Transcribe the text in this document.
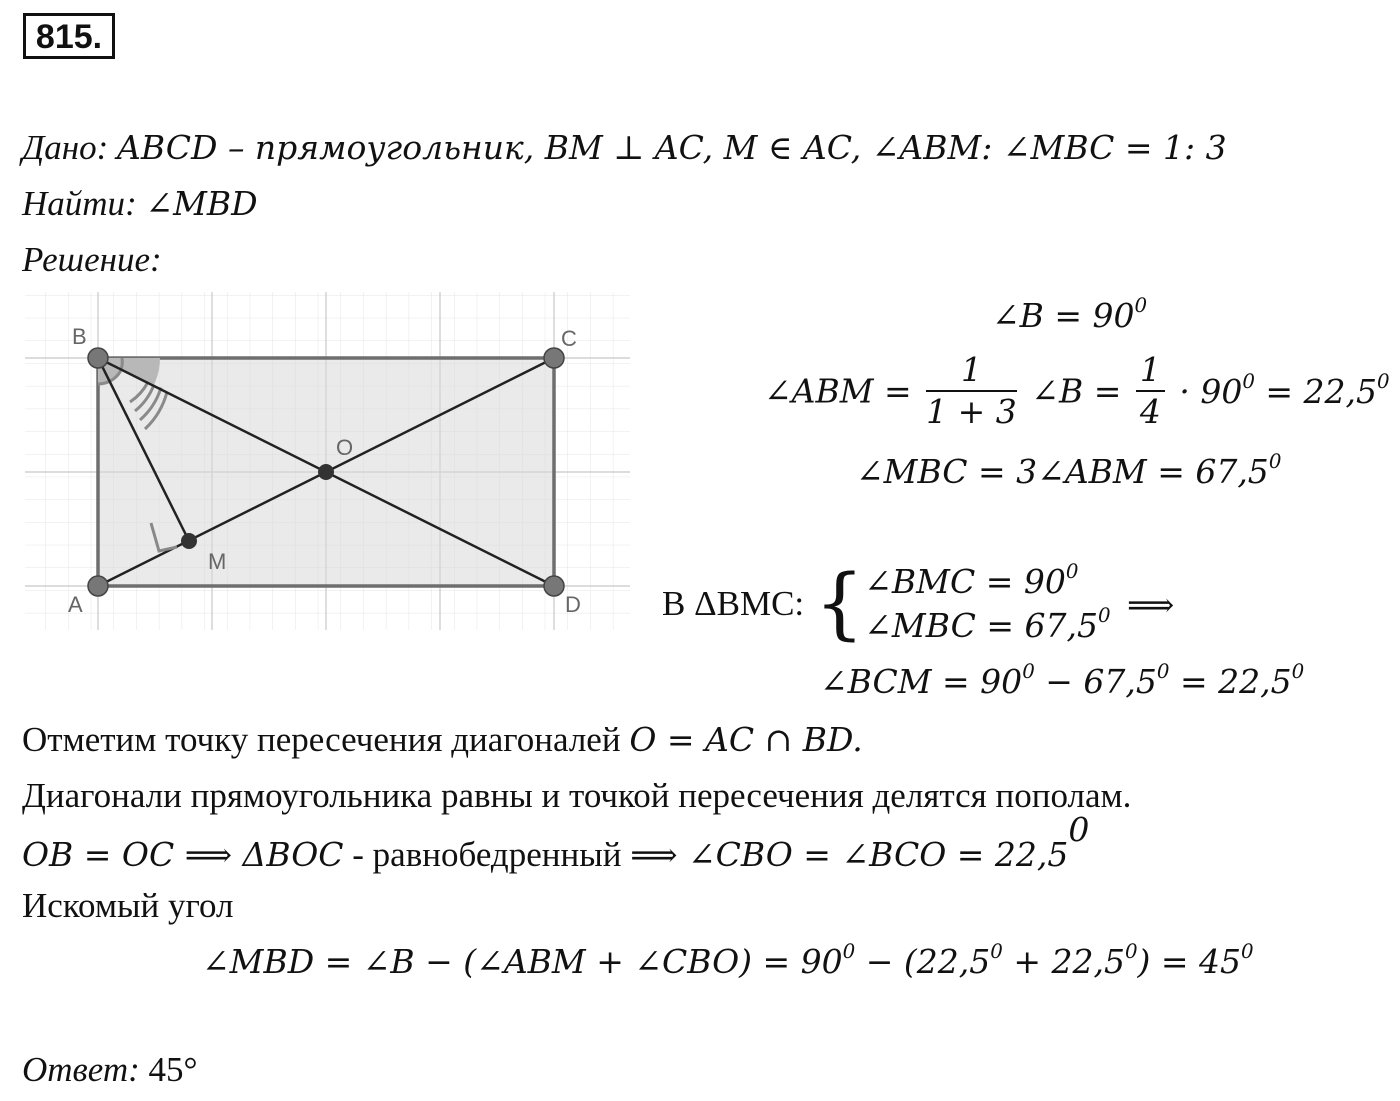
815.
Дано: ABCD – прямоугольник, BM ⊥ AC, M ∈ AC, ∠ABM: ∠MBC = 1: 3
Найти: ∠MBD
Решение:
B	C
A	D
O
M
∠B = $90^0$
∠ABM = $\frac{1}{1 + 3}$ ∠B = $\frac{1}{4} \cdot 90^0 = 22,5^0$
∠MBC = 3∠ABM = $67,5^0$
В ΔBMC: { ∠BMC = $90^0$
∠MBC = $67,5^0$ ⟹
∠BCM = $90^0 - 67,5^0 = 22,5^0$
Отметим точку пересечения диагоналей O = AC ∩ BD.
Диагонали прямоугольника равны и точкой пересечения делятся пополам.
OB = OC ⟹ ΔBOC - равнобедренный ⟹ ∠CBO = ∠BCO = $22,5^0$
Искомый угол
∠MBD = ∠B − (∠ABM + ∠CBO) = $90^0 - (22,5^0 + 22,5^0) = 45^0$
Ответ: 45°
